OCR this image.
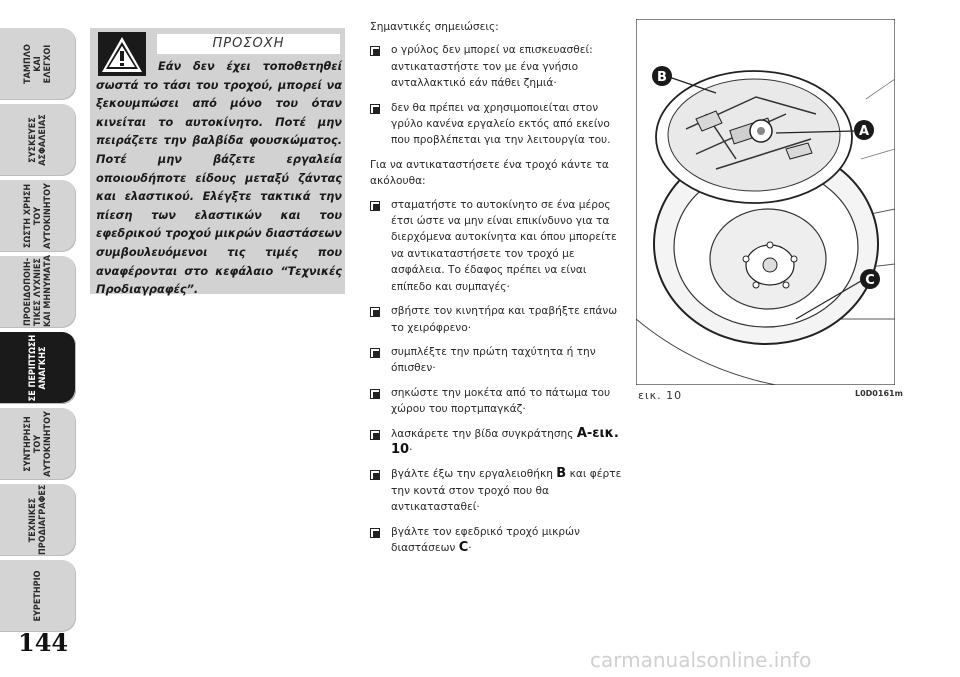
ΤΑΜΠΛΟ
ΚΑΙ
ΕΛΕΓΧΟΙ
ΣΥΣΚΕΥΕΣ
ΑΣΦΑΛΕΙΑΣ
ΣΩΣΤΗ ΧΡΗΣΗ
ΤΟΥ
ΑΥΤΟΚΙΝΗΤΟΥ
ΠΡΟΕΙΔΟΠΟΙΗ-
ΤΙΚΕΣ ΛΥΧΝΙΕΣ
ΚΑΙ ΜΗΝΥΜΑΤΑ
ΣΕ ΠΕΡΙΠΤΩΣΗ
ΑΝΑΓΚΗΣ
ΣΥΝΤΗΡΗΣΗ
ΤΟΥ
ΑΥΤΟΚΙΝΗΤΟΥ
ΤΕΧΝΙΚΕΣ
ΠΡΟΔΙΑΓΡΑΦΕΣ
ΕΥΡΕΤΗΡΙΟ
144
ΠΡΟΣΟΧΗ
Εάν δεν έχει τοποθετηθεί σωστά το τάσι του τροχού, μπορεί να ξεκουμπώσει από μόνο του όταν κινείται το αυτοκίνητο. Ποτέ μην πειράζετε την βαλβίδα φουσκώματος. Ποτέ μην βάζετε εργαλεία οποιουδήποτε είδους μεταξύ ζάντας και ελαστικού. Ελέγξτε τακτικά την πίεση των ελαστικών και του εφεδρικού τροχού μικρών διαστάσεων συμβουλευόμενοι τις τιμές που αναφέρονται στο κεφάλαιο “Τεχνικές Προδιαγραφές”.

Σημαντικές σημειώσεις:

ο γρύλος δεν μπορεί να επισκευασθεί: αντικαταστήστε τον με ένα γνήσιο ανταλλακτικό εάν πάθει ζημιά·
δεν θα πρέπει να χρησιμοποιείται στον γρύλο κανένα εργαλείο εκτός από εκείνο που προβλέπεται για την λειτουργία του.

Για να αντικαταστήσετε ένα τροχό κάντε τα ακόλουθα:

σταματήστε το αυτοκίνητο σε ένα μέρος έτσι ώστε να μην είναι επικίνδυνο για τα διερχόμενα αυτοκίνητα και όπου μπορείτε να αντικαταστήσετε τον τροχό με ασφάλεια. Το έδαφος πρέπει να είναι επίπεδο και συμπαγές·
σβήστε τον κινητήρα και τραβήξτε επάνω το χειρόφρενο·
συμπλέξτε την πρώτη ταχύτητα ή την όπισθεν·
σηκώστε την μοκέτα από το πάτωμα του χώρου του πορτμπαγκάζ·
λασκάρετε την βίδα συγκράτησης A-εικ. 10·
βγάλτε έξω την εργαλειοθήκη B και φέρτε την κοντά στον τροχό που θα αντικατασταθεί·
βγάλτε τον εφεδρικό τροχό μικρών διαστάσεων C·
B
A
C
εικ. 10	L0D0161m
carmanualsonline.info
